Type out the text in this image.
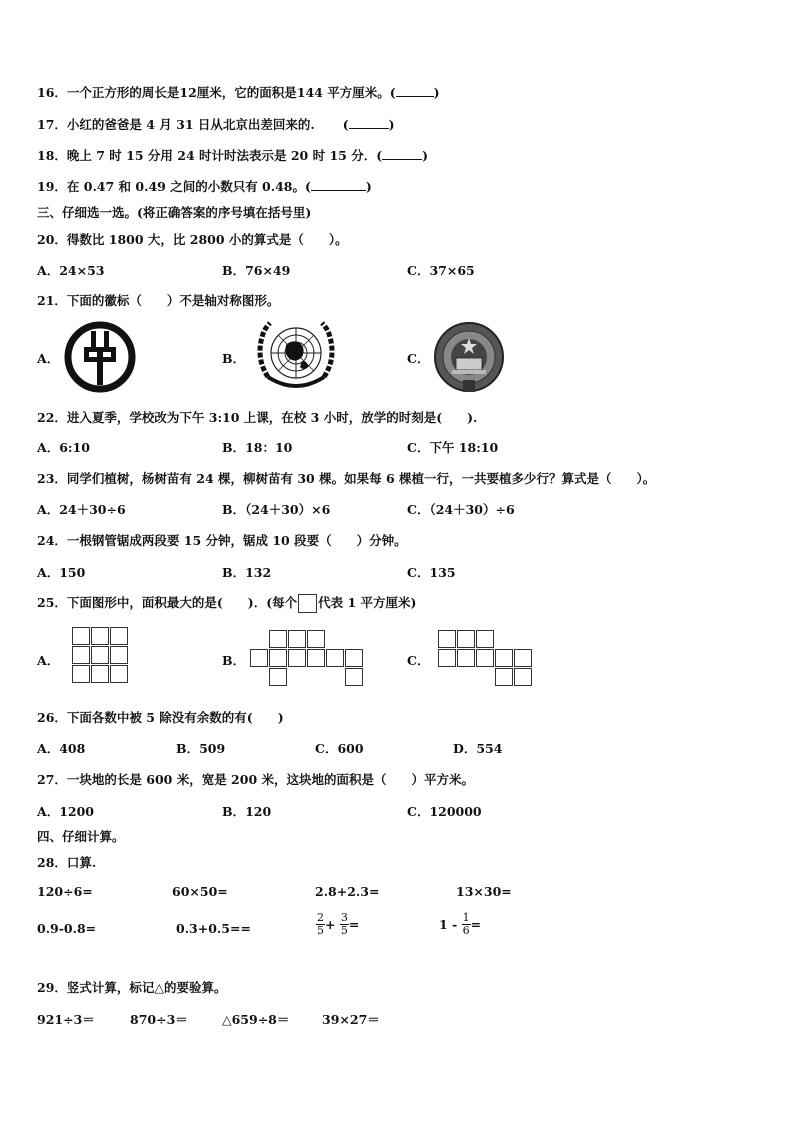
16．一个正方形的周长是12厘米，它的面积是144 平方厘米。(	)
17．小红的爸爸是 4 月 31 日从北京出差回来的. (	)
18．晚上 7 时 15 分用 24 时计时法表示是 20 时 15 分．(	)
19．在 0.47 和 0.49 之间的小数只有 0.48。(	)
三、仔细选一选。(将正确答案的序号填在括号里)
20．得数比 1800 大，比 2800 小的算式是（　　）。
A．24×53	B．76×49	C．37×65
21．下面的徽标（　　）不是轴对称图形。
A．	B．	C．
22．进入夏季，学校改为下午 3:10 上课，在校 3 小时，放学的时刻是(　　).
A．6:10	B．18：10	C．下午 18:10
23．同学们植树，杨树苗有 24 棵，柳树苗有 30 棵。如果每 6 棵植一行，一共要植多少行？算式是（　　）。
A．24＋30÷6	B．（24＋30）×6	C．（24＋30）÷6
24．一根钢管锯成两段要 15 分钟，锯成 10 段要（　　）分钟。
A．150	B．132	C．135
25．下面图形中，面积最大的是(　　)．(每个 代表 1 平方厘米)
A．	B．	C．
26．下面各数中被 5 除没有余数的有(　　)
A．408	B．509	C．600	D．554
27．一块地的长是 600 米，宽是 200 米，这块地的面积是（　　）平方米。
A．1200	B．120	C．120000
四、仔细计算。
28．口算.
120÷6=	60×50=	2.8+2.3=	13×30=
0.9-0.8=	0.3+0.5==	$\frac{2}{5} + \frac{3}{5}$ =	$1 - \frac{1}{6}$ =
29．竖式计算，标记△的要验算。
921÷3＝	870÷3＝	△659÷8＝	39×27＝
